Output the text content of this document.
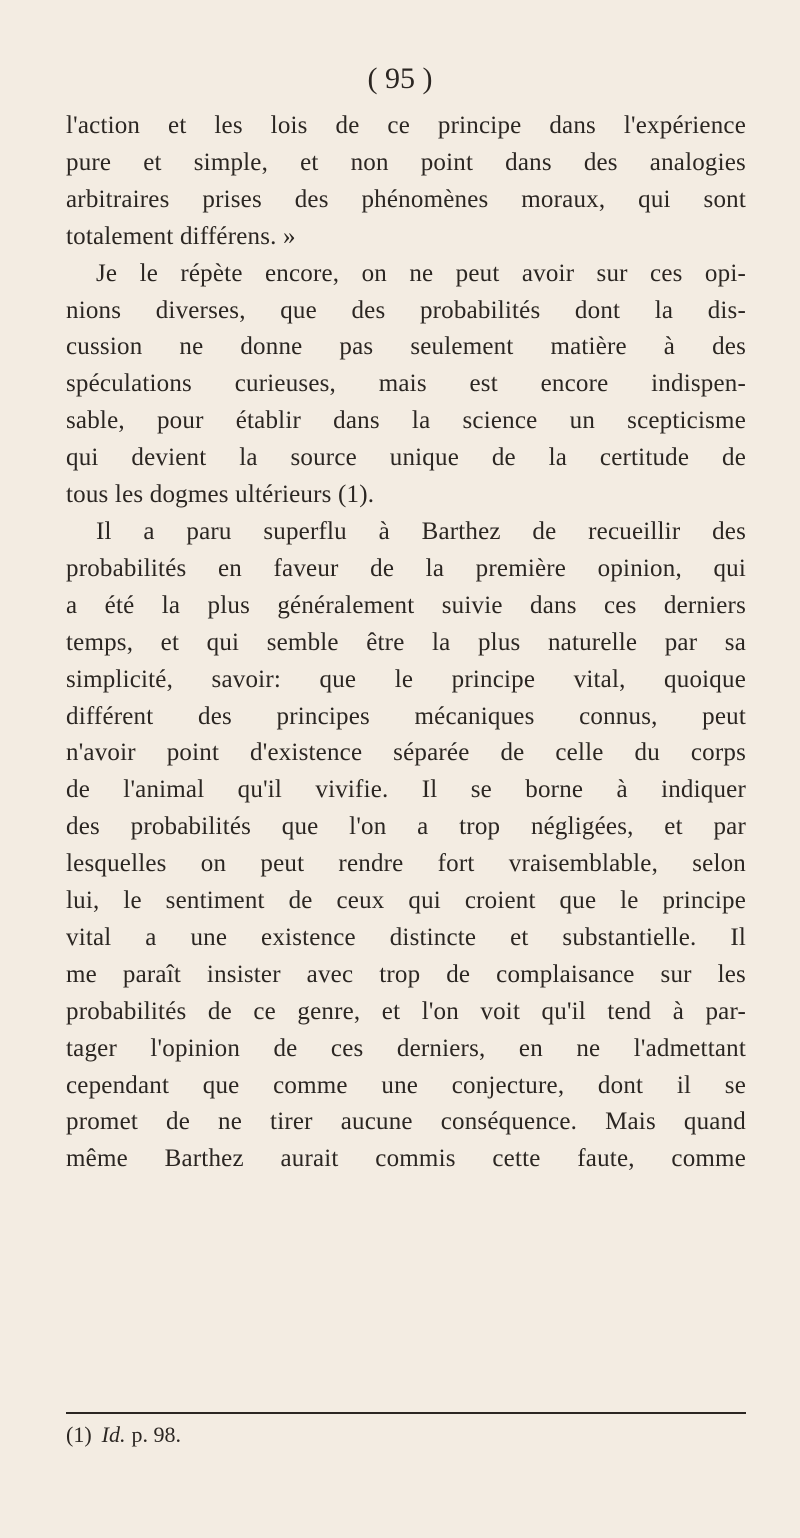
( 95 )
l'action et les lois de ce principe dans l'expérience
pure et simple, et non point dans des analogies
arbitraires prises des phénomènes moraux, qui sont
totalement différens. »
Je le répète encore, on ne peut avoir sur ces opi-
nions diverses, que des probabilités dont la dis-
cussion ne donne pas seulement matière à des
spéculations curieuses, mais est encore indispen-
sable, pour établir dans la science un scepticisme
qui devient la source unique de la certitude de
tous les dogmes ultérieurs (1).
Il a paru superflu à Barthez de recueillir des
probabilités en faveur de la première opinion, qui
a été la plus généralement suivie dans ces derniers
temps, et qui semble être la plus naturelle par sa
simplicité, savoir: que le principe vital, quoique
différent des principes mécaniques connus, peut
n'avoir point d'existence séparée de celle du corps
de l'animal qu'il vivifie. Il se borne à indiquer
des probabilités que l'on a trop négligées, et par
lesquelles on peut rendre fort vraisemblable, selon
lui, le sentiment de ceux qui croient que le principe
vital a une existence distincte et substantielle. Il
me paraît insister avec trop de complaisance sur les
probabilités de ce genre, et l'on voit qu'il tend à par-
tager l'opinion de ces derniers, en ne l'admettant
cependant que comme une conjecture, dont il se
promet de ne tirer aucune conséquence. Mais quand
même Barthez aurait commis cette faute, comme
(1) Id. p. 98.
